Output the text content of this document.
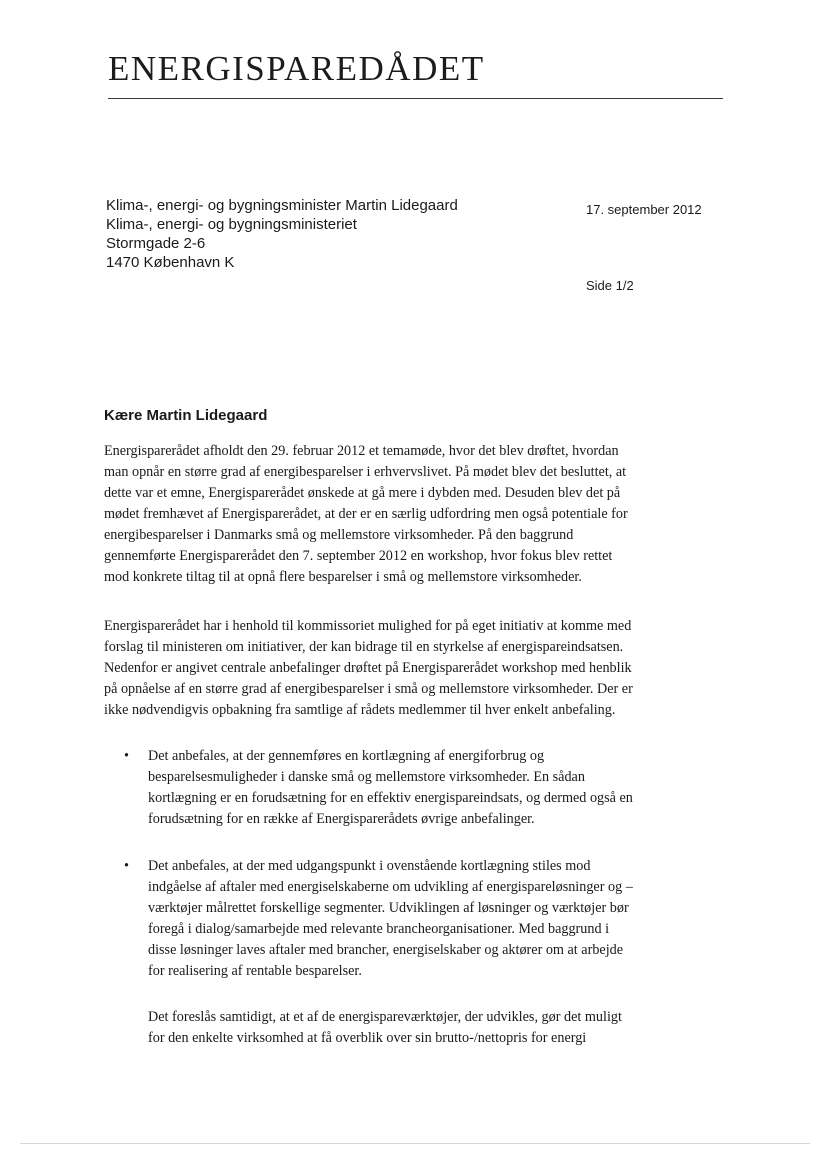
ENERGISPAREDÅDET
Klima-, energi- og bygningsminister Martin Lidegaard
Klima-, energi- og bygningsministeriet
Stormgade 2-6
1470 København K
17. september 2012
Side 1/2
Kære Martin Lidegaard
Energisparerådet afholdt den 29. februar 2012 et temamøde, hvor det blev drøftet, hvordan
man opnår en større grad af energibesparelser i erhvervslivet. På mødet blev det besluttet, at
dette var et emne, Energisparerådet ønskede at gå mere i dybden med. Desuden blev det på
mødet fremhævet af Energisparerådet, at der er en særlig udfordring men også potentiale for
energibesparelser i Danmarks små og mellemstore virksomheder. På den baggrund
gennemførte Energisparerådet den 7. september 2012 en workshop, hvor fokus blev rettet
mod konkrete tiltag til at opnå flere besparelser i små og mellemstore virksomheder.
Energisparerådet har i henhold til kommissoriet mulighed for på eget initiativ at komme med
forslag til ministeren om initiativer, der kan bidrage til en styrkelse af energispareindsatsen.
Nedenfor er angivet centrale anbefalinger drøftet på Energisparerådet workshop med henblik
på opnåelse af en større grad af energibesparelser i små og mellemstore virksomheder. Der er
ikke nødvendigvis opbakning fra samtlige af rådets medlemmer til hver enkelt anbefaling.
•	Det anbefales, at der gennemføres en kortlægning af energiforbrug og
besparelsesmuligheder i danske små og mellemstore virksomheder. En sådan
kortlægning er en forudsætning for en effektiv energispareindsats, og dermed også en
forudsætning for en række af Energisparerådets øvrige anbefalinger.
•	Det anbefales, at der med udgangspunkt i ovenstående kortlægning stiles mod
indgåelse af aftaler med energiselskaberne om udvikling af energispareløsninger og –
værktøjer målrettet forskellige segmenter. Udviklingen af løsninger og værktøjer bør
foregå i dialog/samarbejde med relevante brancheorganisationer. Med baggrund i
disse løsninger laves aftaler med brancher, energiselskaber og aktører om at arbejde
for realisering af rentable besparelser.
Det foreslås samtidigt, at et af de energispareværktøjer, der udvikles, gør det muligt
for den enkelte virksomhed at få overblik over sin brutto-/nettopris for energi
